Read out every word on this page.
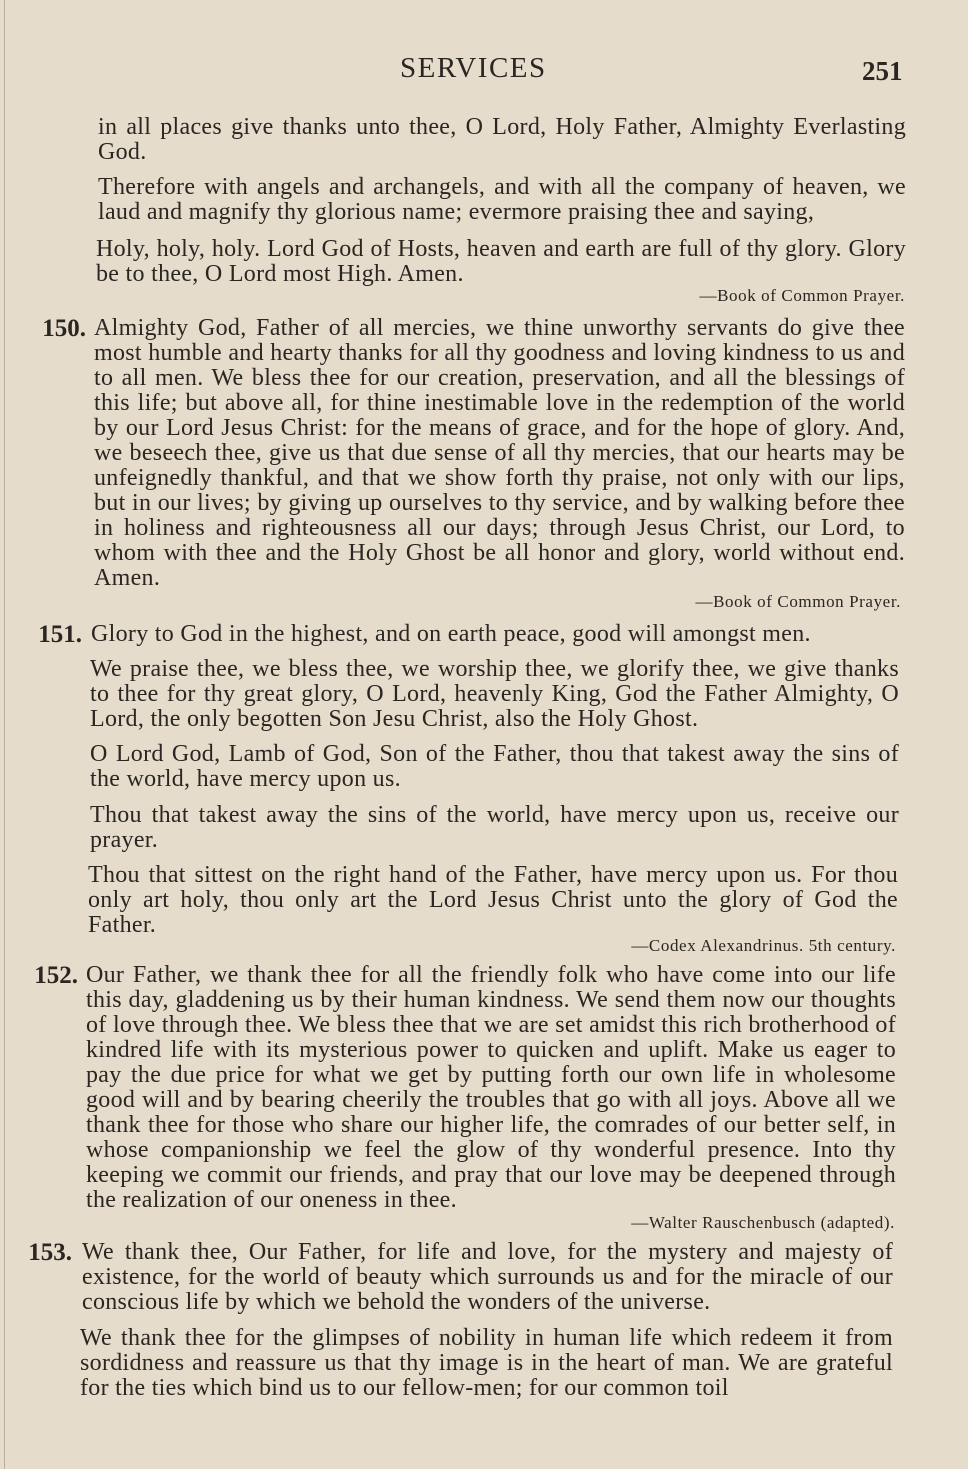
SERVICES	251

in all places give thanks unto thee, O Lord, Holy Father, Almighty Everlasting God.

Therefore with angels and archangels, and with all the company of heaven, we laud and magnify thy glorious name; evermore praising thee and saying,

Holy, holy, holy. Lord God of Hosts, heaven and earth are full of thy glory. Glory be to thee, O Lord most High. Amen.

—Book of Common Prayer.

150. Almighty God, Father of all mercies, we thine unworthy servants do give thee most humble and hearty thanks for all thy goodness and loving kindness to us and to all men. We bless thee for our creation, preservation, and all the blessings of this life; but above all, for thine inestimable love in the redemption of the world by our Lord Jesus Christ: for the means of grace, and for the hope of glory. And, we beseech thee, give us that due sense of all thy mercies, that our hearts may be unfeignedly thankful, and that we show forth thy praise, not only with our lips, but in our lives; by giving up ourselves to thy service, and by walking before thee in holiness and righteousness all our days; through Jesus Christ, our Lord, to whom with thee and the Holy Ghost be all honor and glory, world without end. Amen.

—Book of Common Prayer.

151. Glory to God in the highest, and on earth peace, good will amongst men.

We praise thee, we bless thee, we worship thee, we glorify thee, we give thanks to thee for thy great glory, O Lord, heavenly King, God the Father Almighty, O Lord, the only begotten Son Jesu Christ, also the Holy Ghost.

O Lord God, Lamb of God, Son of the Father, thou that takest away the sins of the world, have mercy upon us.

Thou that takest away the sins of the world, have mercy upon us, receive our prayer.

Thou that sittest on the right hand of the Father, have mercy upon us. For thou only art holy, thou only art the Lord Jesus Christ unto the glory of God the Father.

—Codex Alexandrinus. 5th century.

152. Our Father, we thank thee for all the friendly folk who have come into our life this day, gladdening us by their human kindness. We send them now our thoughts of love through thee. We bless thee that we are set amidst this rich brotherhood of kindred life with its mysterious power to quicken and uplift. Make us eager to pay the due price for what we get by putting forth our own life in wholesome good will and by bearing cheerily the troubles that go with all joys. Above all we thank thee for those who share our higher life, the comrades of our better self, in whose companionship we feel the glow of thy wonderful presence. Into thy keeping we commit our friends, and pray that our love may be deepened through the realization of our oneness in thee.

—Walter Rauschenbusch (adapted).

153. We thank thee, Our Father, for life and love, for the mystery and majesty of existence, for the world of beauty which surrounds us and for the miracle of our conscious life by which we behold the wonders of the universe.

We thank thee for the glimpses of nobility in human life which redeem it from sordidness and reassure us that thy image is in the heart of man. We are grateful for the ties which bind us to our fellow-men; for our common toil
